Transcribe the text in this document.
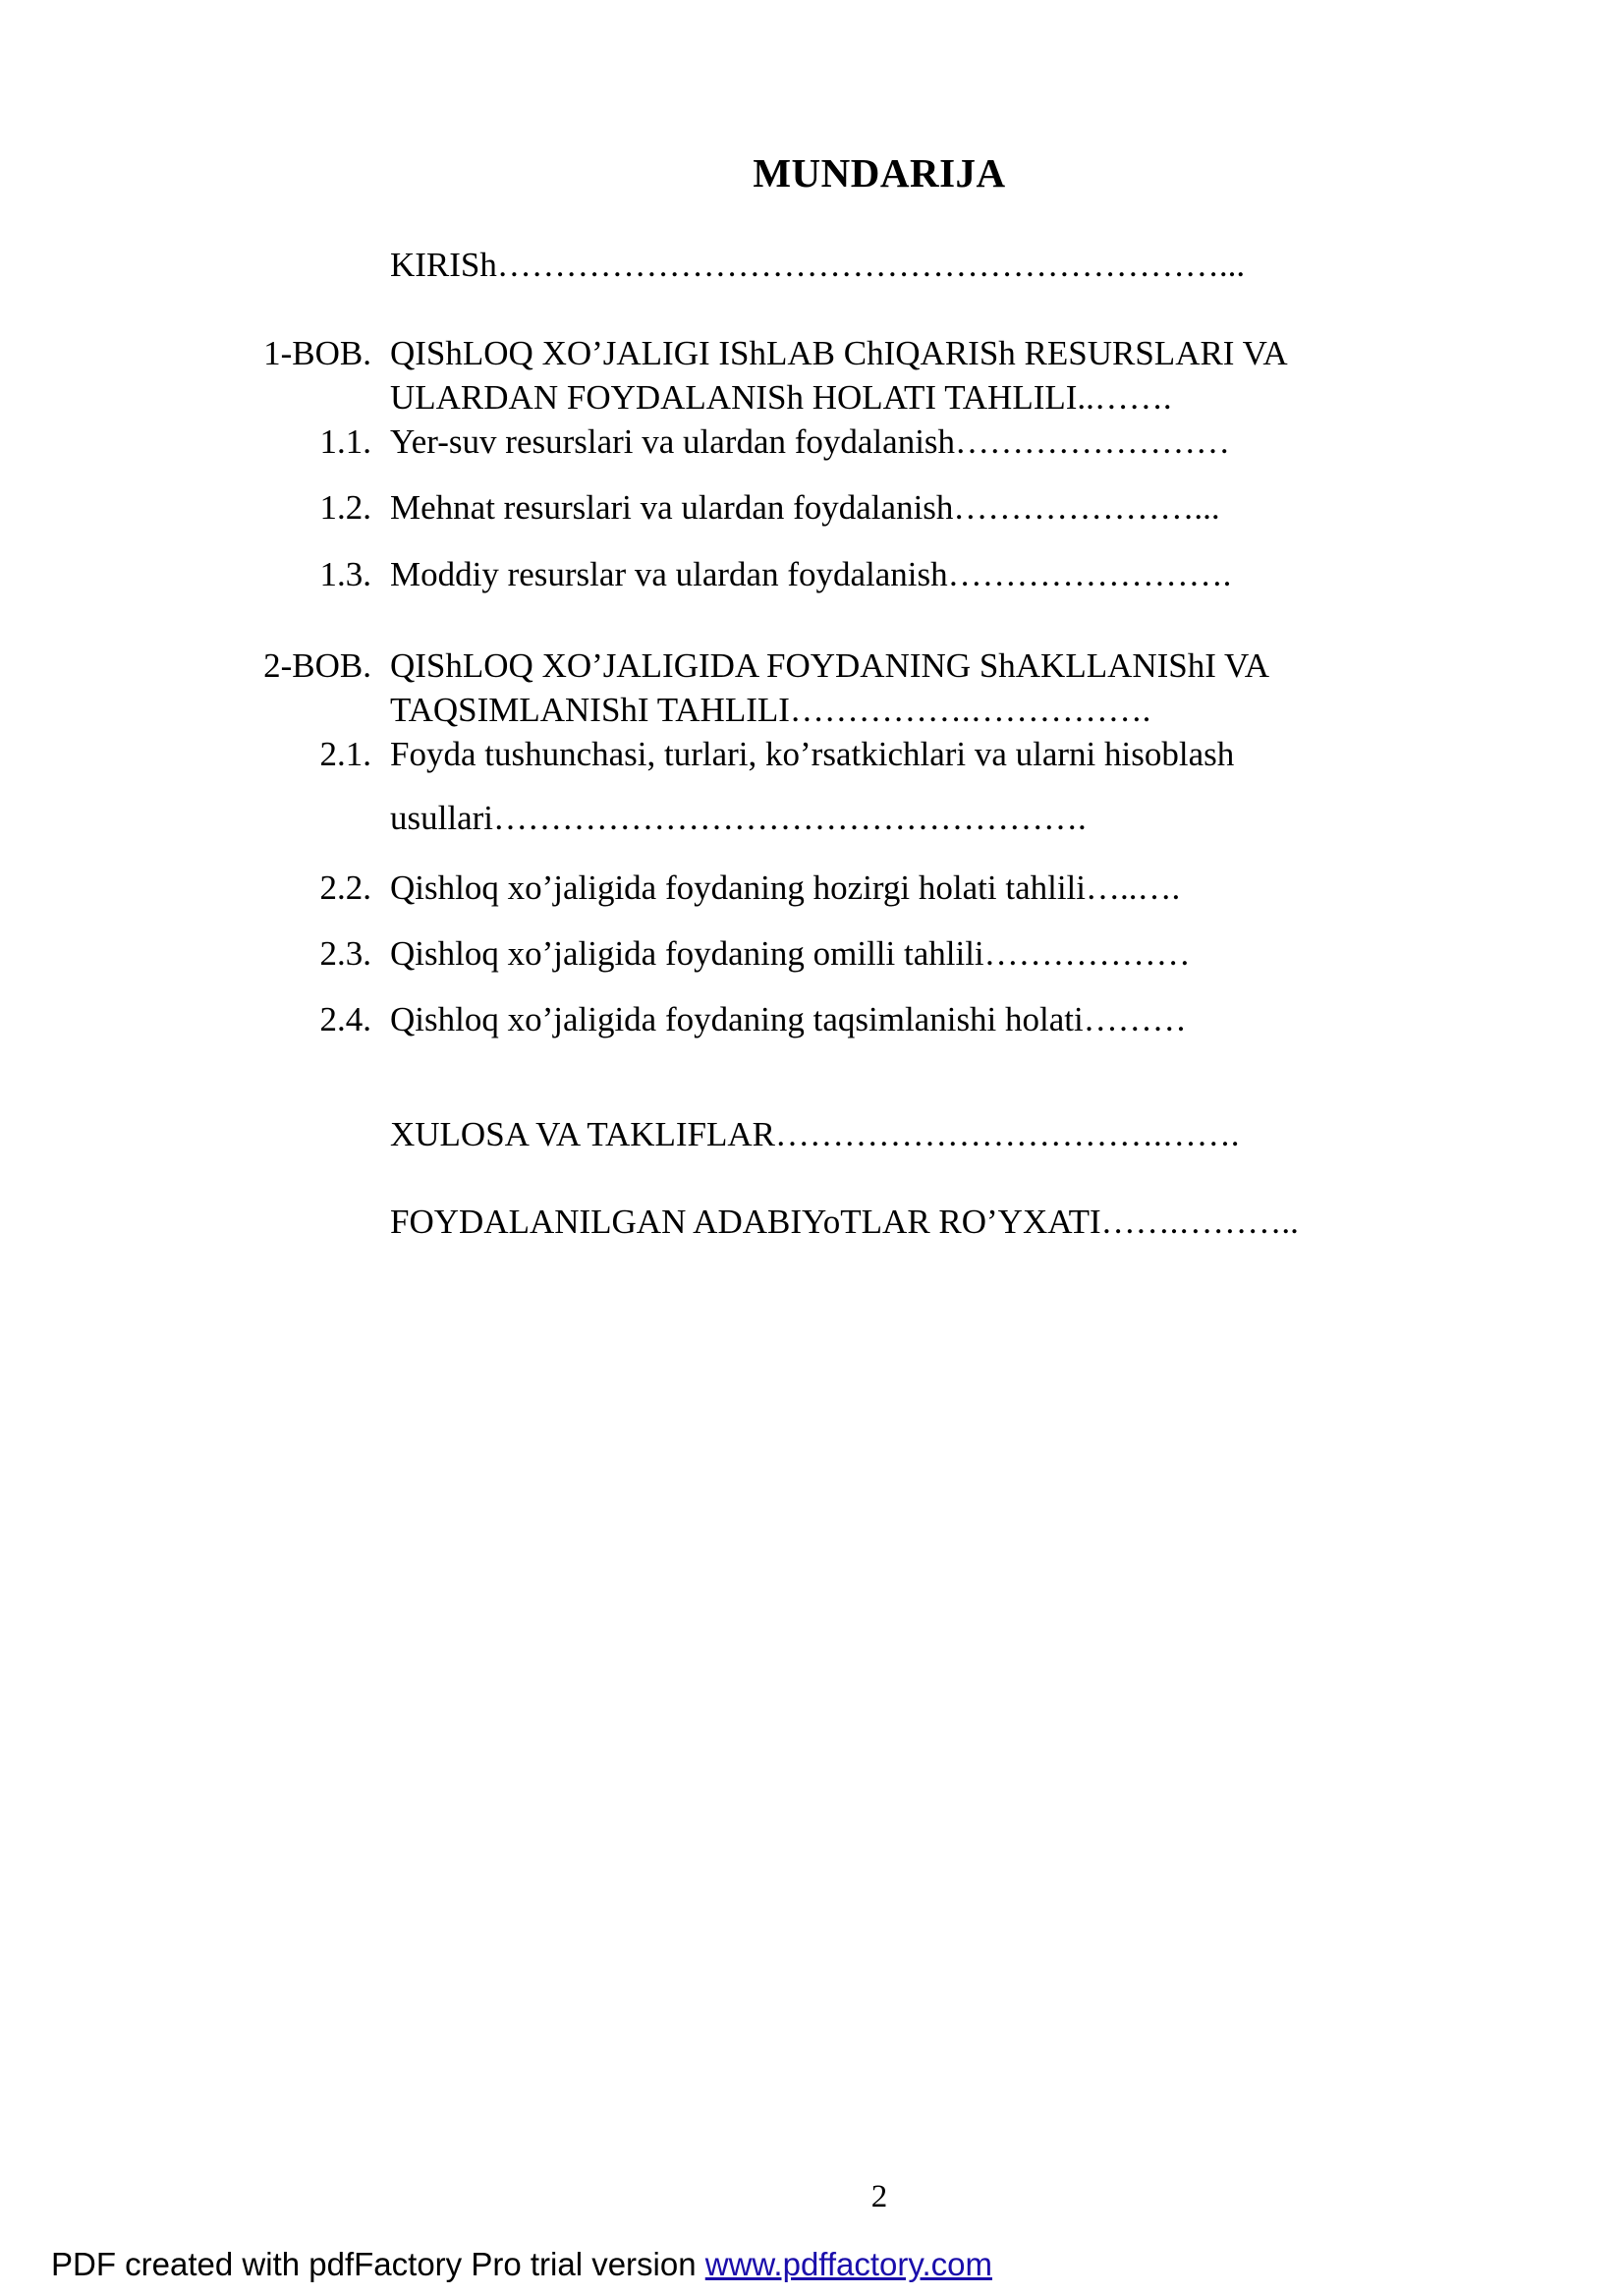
MUNDARIJA
KIRISh………………………………………………………...
1-BOB. QIShLOQ XO’JALIGI IShLAB ChIQARISh RESURSLARI VA
ULARDAN FOYDALANISh HOLATI TAHLILI..…….
1.1. Yer-suv resurslari va ulardan foydalanish……………………
1.2. Mehnat resurslari va ulardan foydalanish…………………...
1.3. Moddiy resurslar va ulardan foydalanish…………………….
2-BOB. QIShLOQ XO’JALIGIDA FOYDANING ShAKLLANIShI VA
TAQSIMLANIShI TAHLILI…………….…………….
2.1. Foyda tushunchasi, turlari, ko’rsatkichlari va ularni hisoblash
usullari…………………………………………….
2.2. Qishloq xo’jaligida foydaning hozirgi holati tahlili…..….
2.3. Qishloq xo’jaligida foydaning omilli tahlili………………
2.4. Qishloq xo’jaligida foydaning taqsimlanishi holati………
XULOSA VA TAKLIFLAR…………………………….…….
FOYDALANILGAN ADABIYoTLAR RO’YXATI…….………..
2
PDF created with pdfFactory Pro trial version www.pdffactory.com
